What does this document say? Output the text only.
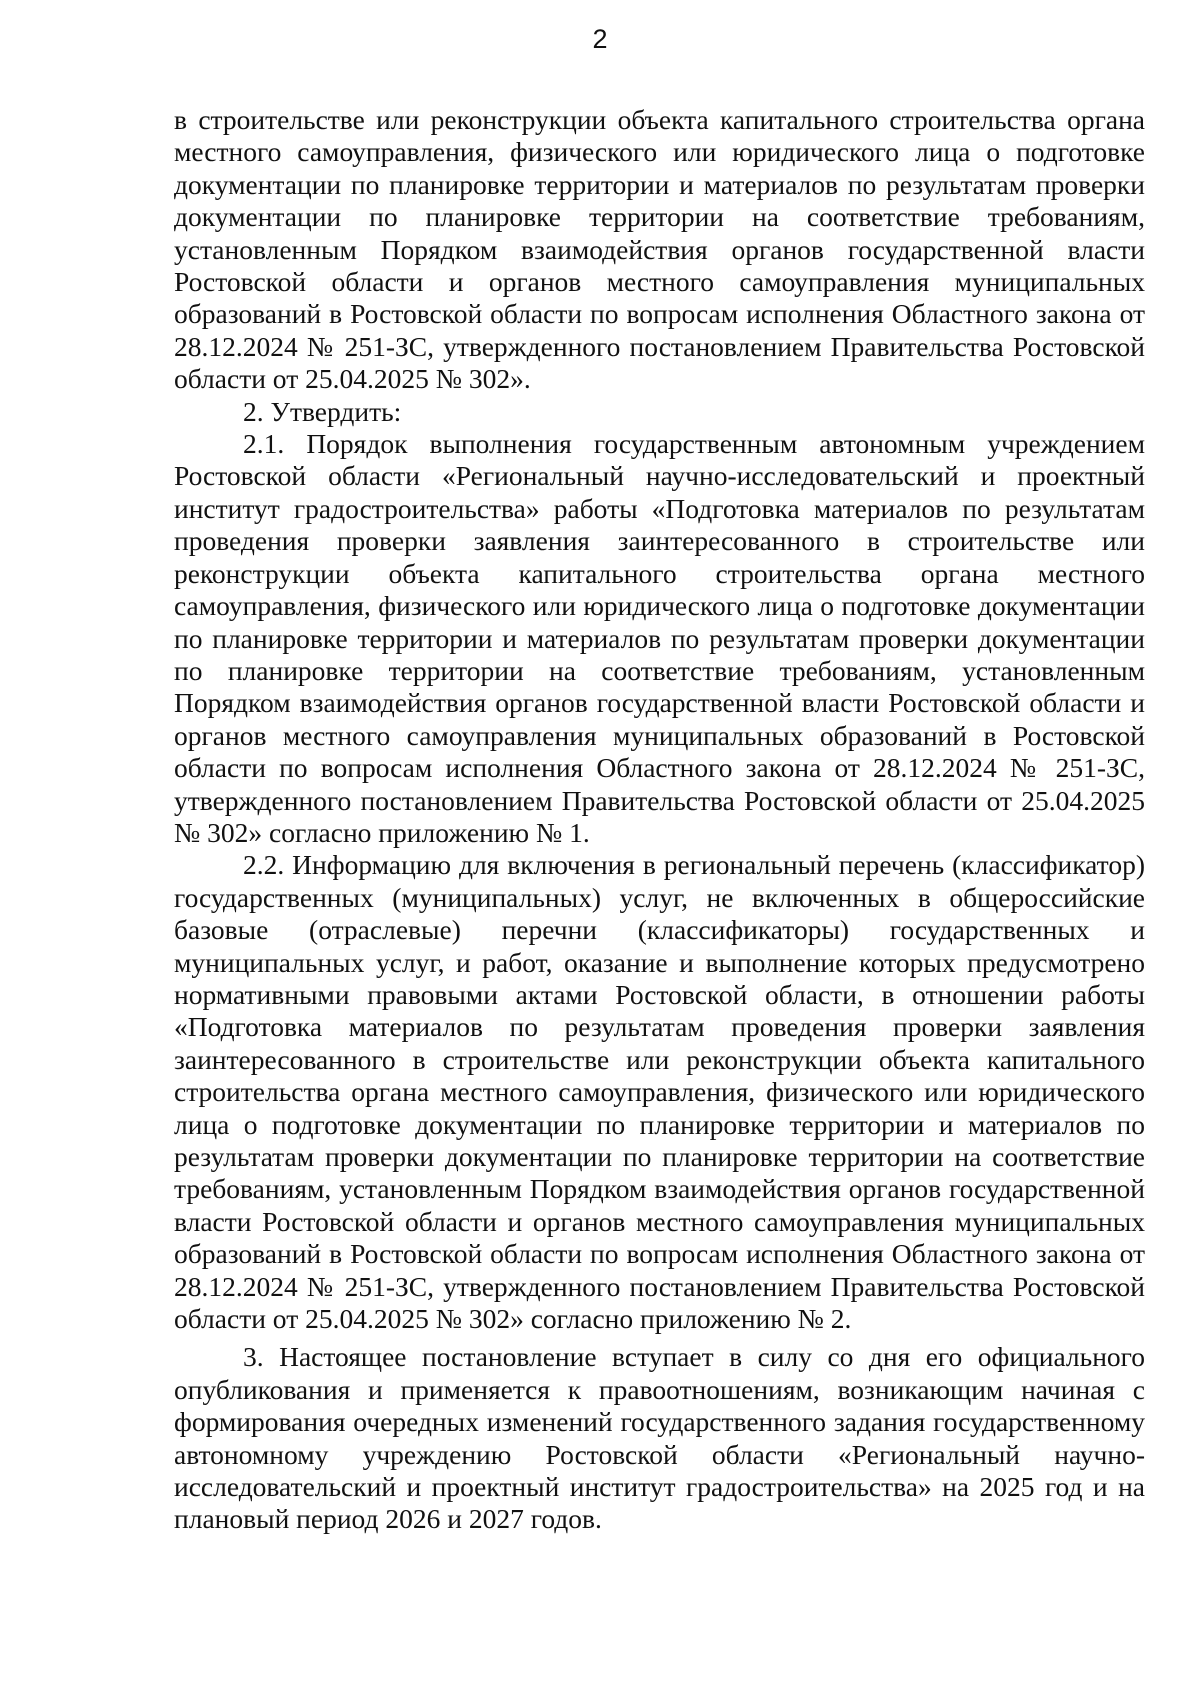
2

в строительстве или реконструкции объекта капитального строительства органа местного самоуправления, физического или юридического лица о подготовке документации по планировке территории и материалов по результатам проверки документации по планировке территории на соответствие требованиям, установленным Порядком взаимодействия органов государственной власти Ростовской области и органов местного самоуправления муниципальных образований в Ростовской области по вопросам исполнения Областного закона от 28.12.2024 № 251-ЗС, утвержденного постановлением Правительства Ростовской области от 25.04.2025 № 302».

2. Утвердить:

2.1. Порядок выполнения государственным автономным учреждением Ростовской области «Региональный научно-исследовательский и проектный институт градостроительства» работы «Подготовка материалов по результатам проведения проверки заявления заинтересованного в строительстве или реконструкции объекта капитального строительства органа местного самоуправления, физического или юридического лица о подготовке документации по планировке территории и материалов по результатам проверки документации по планировке территории на соответствие требованиям, установленным Порядком взаимодействия органов государственной власти Ростовской области и органов местного самоуправления муниципальных образований в Ростовской области по вопросам исполнения Областного закона от 28.12.2024 № 251-ЗС, утвержденного постановлением Правительства Ростовской области от 25.04.2025 № 302» согласно приложению № 1.

2.2. Информацию для включения в региональный перечень (классификатор) государственных (муниципальных) услуг, не включенных в общероссийские базовые (отраслевые) перечни (классификаторы) государственных и муниципальных услуг, и работ, оказание и выполнение которых предусмотрено нормативными правовыми актами Ростовской области, в отношении работы «Подготовка материалов по результатам проведения проверки заявления заинтересованного в строительстве или реконструкции объекта капитального строительства органа местного самоуправления, физического или юридического лица о подготовке документации по планировке территории и материалов по результатам проверки документации по планировке территории на соответствие требованиям, установленным Порядком взаимодействия органов государственной власти Ростовской области и органов местного самоуправления муниципальных образований в Ростовской области по вопросам исполнения Областного закона от 28.12.2024 № 251-ЗС, утвержденного постановлением Правительства Ростовской области от 25.04.2025 № 302» согласно приложению № 2.

3. Настоящее постановление вступает в силу со дня его официального опубликования и применяется к правоотношениям, возникающим начиная с формирования очередных изменений государственного задания государственному автономному учреждению Ростовской области «Региональный научно-исследовательский и проектный институт градостроительства» на 2025 год и на плановый период 2026 и 2027 годов.
